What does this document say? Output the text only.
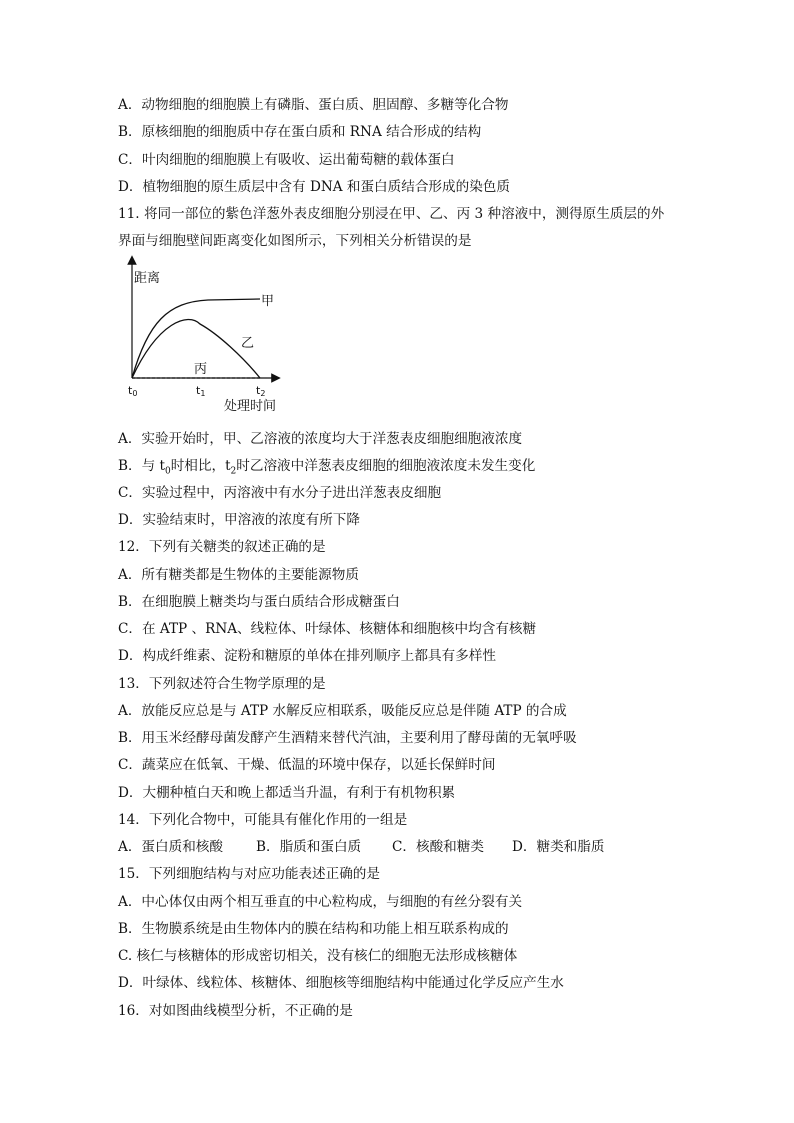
A．动物细胞的细胞膜上有磷脂、蛋白质、胆固醇、多糖等化合物
B．原核细胞的细胞质中存在蛋白质和 RNA 结合形成的结构
C．叶肉细胞的细胞膜上有吸收、运出葡萄糖的载体蛋白
D．植物细胞的原生质层中含有 DNA 和蛋白质结合形成的染色质
11. 将同一部位的紫色洋葱外表皮细胞分别浸在甲、乙、丙 3 种溶液中，测得原生质层的外
界面与细胞壁间距离变化如图所示，下列相关分析错误的是
距离
甲
乙
丙
t0	t1	t2
处理时间
A．实验开始时，甲、乙溶液的浓度均大于洋葱表皮细胞细胞液浓度
B．与 $t_0$时相比，$t_2$时乙溶液中洋葱表皮细胞的细胞液浓度未发生变化
C．实验过程中，丙溶液中有水分子进出洋葱表皮细胞
D．实验结束时，甲溶液的浓度有所下降
12．下列有关糖类的叙述正确的是
A．所有糖类都是生物体的主要能源物质
B．在细胞膜上糖类均与蛋白质结合形成糖蛋白
C．在 ATP 、RNA、线粒体、叶绿体、核糖体和细胞核中均含有核糖
D．构成纤维素、淀粉和糖原的单体在排列顺序上都具有多样性
13．下列叙述符合生物学原理的是
A．放能反应总是与 ATP 水解反应相联系，吸能反应总是伴随 ATP 的合成
B．用玉米经酵母菌发酵产生酒精来替代汽油，主要利用了酵母菌的无氧呼吸
C．蔬菜应在低氧、干燥、低温的环境中保存，以延长保鲜时间
D．大棚种植白天和晚上都适当升温，有利于有机物积累
14．下列化合物中，可能具有催化作用的一组是
A．蛋白质和核酸 B．脂质和蛋白质 C．核酸和糖类 D．糖类和脂质
15．下列细胞结构与对应功能表述正确的是
A．中心体仅由两个相互垂直的中心粒构成，与细胞的有丝分裂有关
B．生物膜系统是由生物体内的膜在结构和功能上相互联系构成的
C. 核仁与核糖体的形成密切相关，没有核仁的细胞无法形成核糖体
D．叶绿体、线粒体、核糖体、细胞核等细胞结构中能通过化学反应产生水
16．对如图曲线模型分析，不正确的是
